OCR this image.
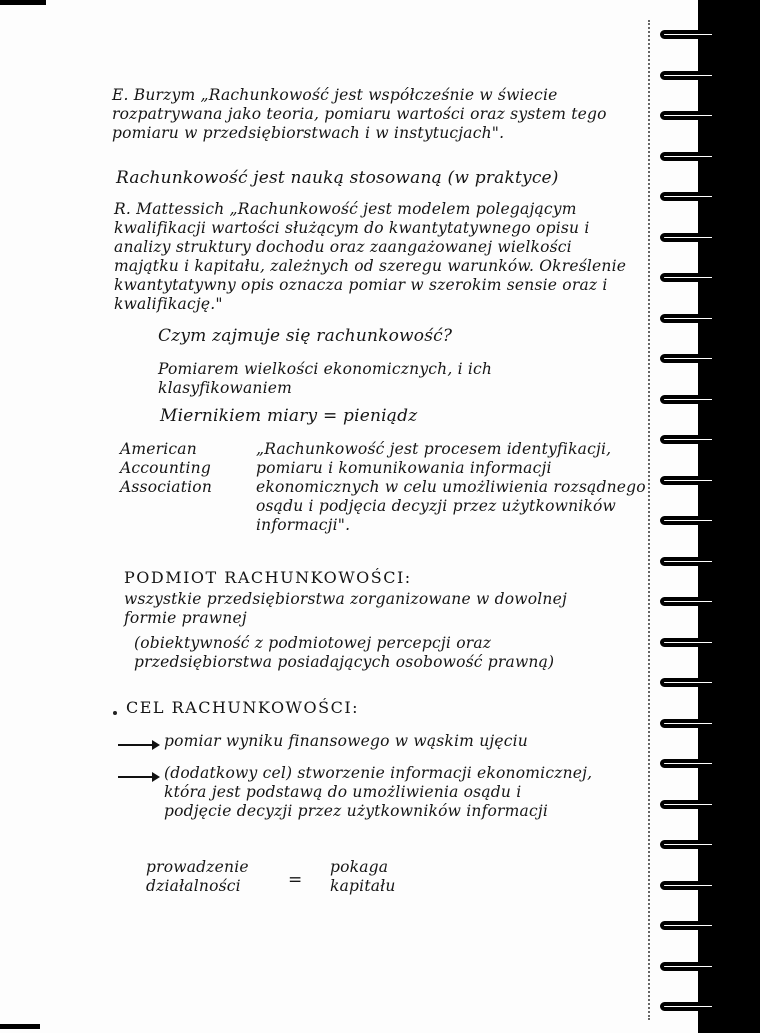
E. Burzym „Rachunkowość jest współcześnie w świecie rozpatrywana jako teoria, pomiaru wartości oraz system tego pomiaru w przedsiębiorstwach i w instytucjach".

Rachunkowość jest nauką stosowaną (w praktyce)

R. Mattessich „Rachunkowość jest modelem polegającym kwalifikacji wartości służącym do kwantytatywnego opisu i analizy struktury dochodu oraz zaangażowanej wielkości majątku i kapitału, zależnych od szeregu warunków. Określenie kwantytatywny opis oznacza pomiar w szerokim sensie oraz i kwalifikację."

Czym zajmuje się rachunkowość?

Pomiarem wielkości ekonomicznych, i ich klasyfikowaniem

Miernikiem miary = pieniądz

American
Accounting
Association

„Rachunkowość jest procesem identyfikacji, pomiaru i komunikowania informacji ekonomicznych w celu umożliwienia rozsądnego osądu i podjęcia decyzji przez użytkowników informacji".

PODMIOT RACHUNKOWOŚCI:

wszystkie przedsiębiorstwa zorganizowane w dowolnej formie prawnej

(obiektywność z podmiotowej percepcji oraz przedsiębiorstwa posiadających osobowość prawną)

CEL RACHUNKOWOŚCI:

pomiar wyniku finansowego w wąskim ujęciu

(dodatkowy cel) stworzenie informacji ekonomicznej, która jest podstawą do umożliwienia osądu i podjęcie decyzji przez użytkowników informacji

prowadzenie
działalności	=

pokaga
kapitału
